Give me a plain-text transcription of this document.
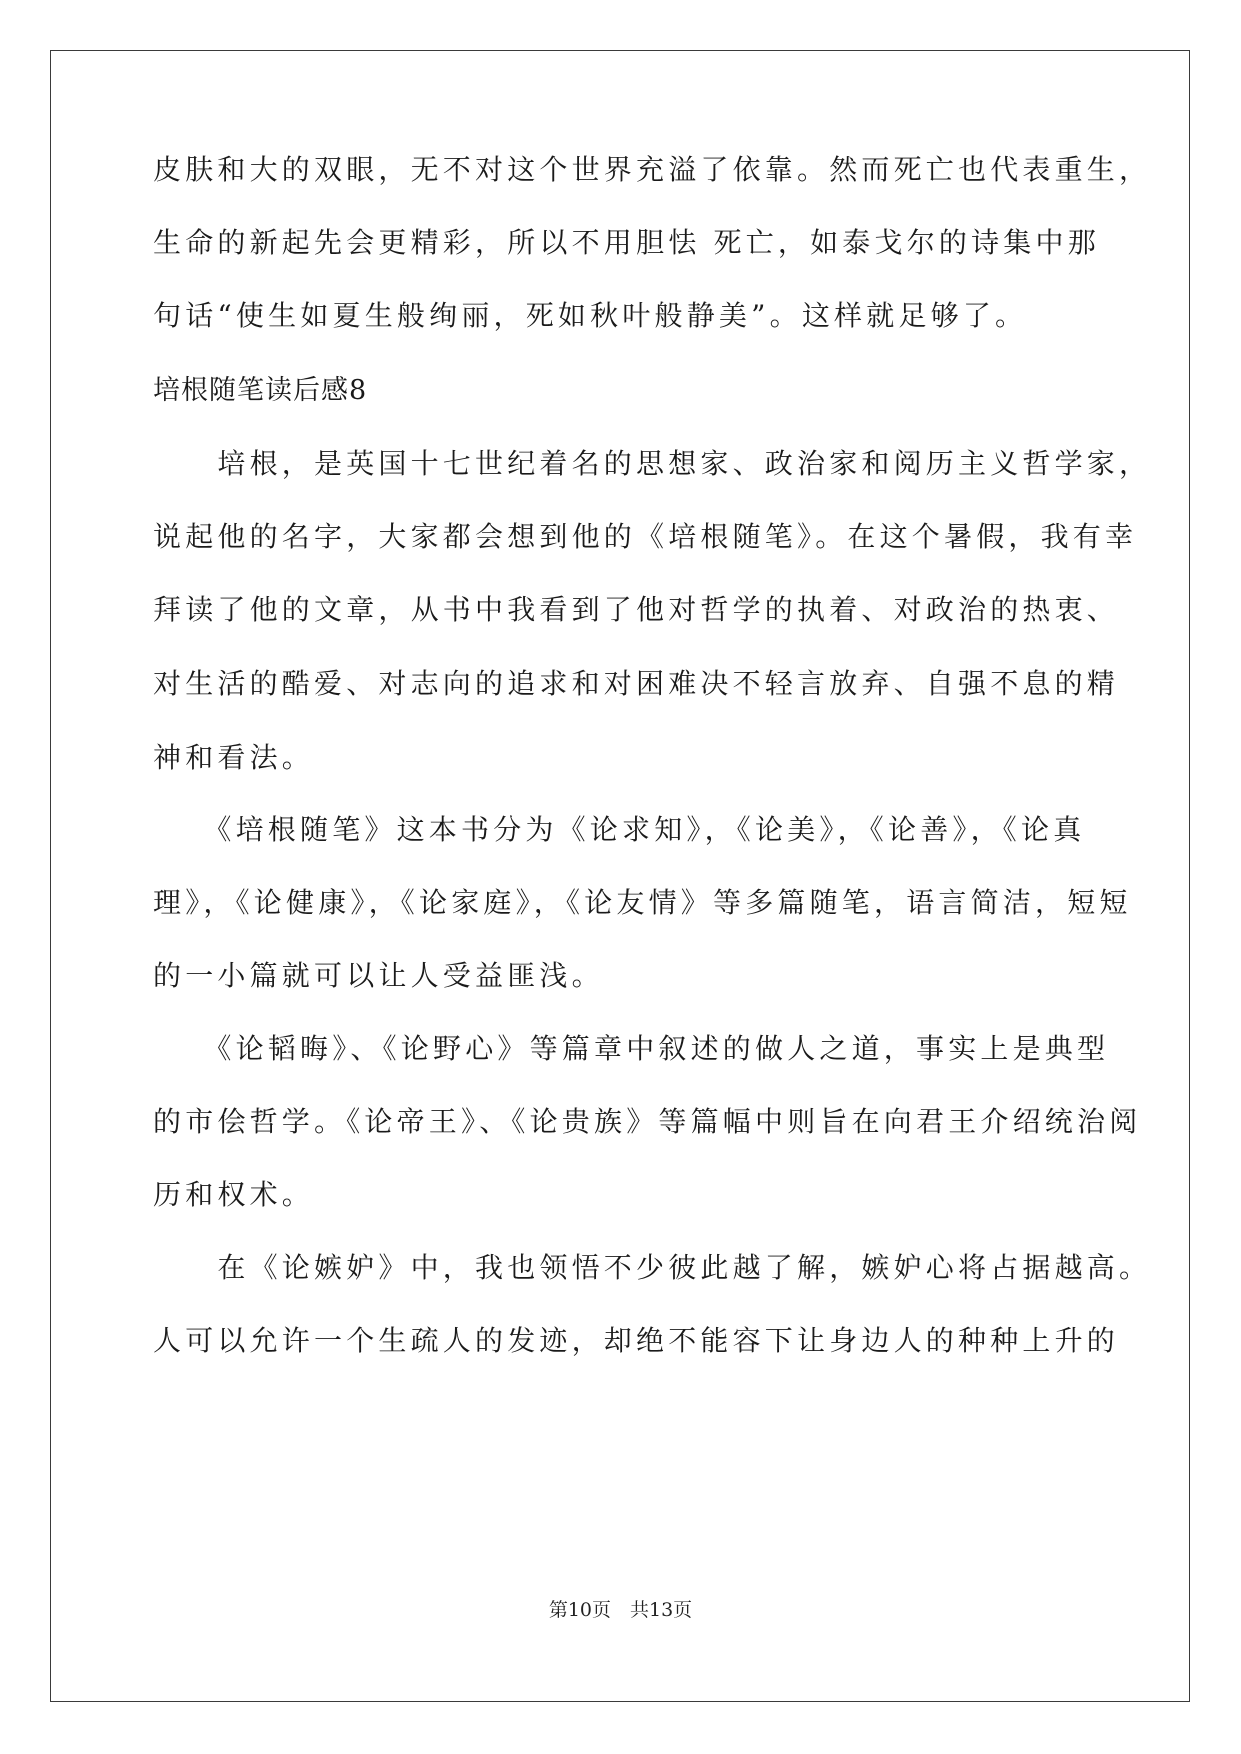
皮肤和大的双眼，无不对这个世界充溢了依靠。然而死亡也代表重生，
生命的新起先会更精彩，所以不用胆怯 死亡，如泰戈尔的诗集中那
句话“使生如夏生般绚丽，死如秋叶般静美”。这样就足够了。
培根随笔读后感8
　　培根，是英国十七世纪着名的思想家、政治家和阅历主义哲学家，
说起他的名字，大家都会想到他的《培根随笔》。在这个暑假，我有幸
拜读了他的文章，从书中我看到了他对哲学的执着、对政治的热衷、
对生活的酷爱、对志向的追求和对困难决不轻言放弃、自强不息的精
神和看法。
　　《培根随笔》这本书分为《论求知》，《论美》，《论善》，《论真
理》，《论健康》，《论家庭》，《论友情》等多篇随笔，语言简洁，短短
的一小篇就可以让人受益匪浅。
　　《论韬晦》、《论野心》等篇章中叙述的做人之道，事实上是典型
的市侩哲学。《论帝王》、《论贵族》等篇幅中则旨在向君王介绍统治阅
历和权术。
　　在《论嫉妒》中，我也领悟不少彼此越了解，嫉妒心将占据越高。
人可以允许一个生疏人的发迹，却绝不能容下让身边人的种种上升的
第10页　共13页
